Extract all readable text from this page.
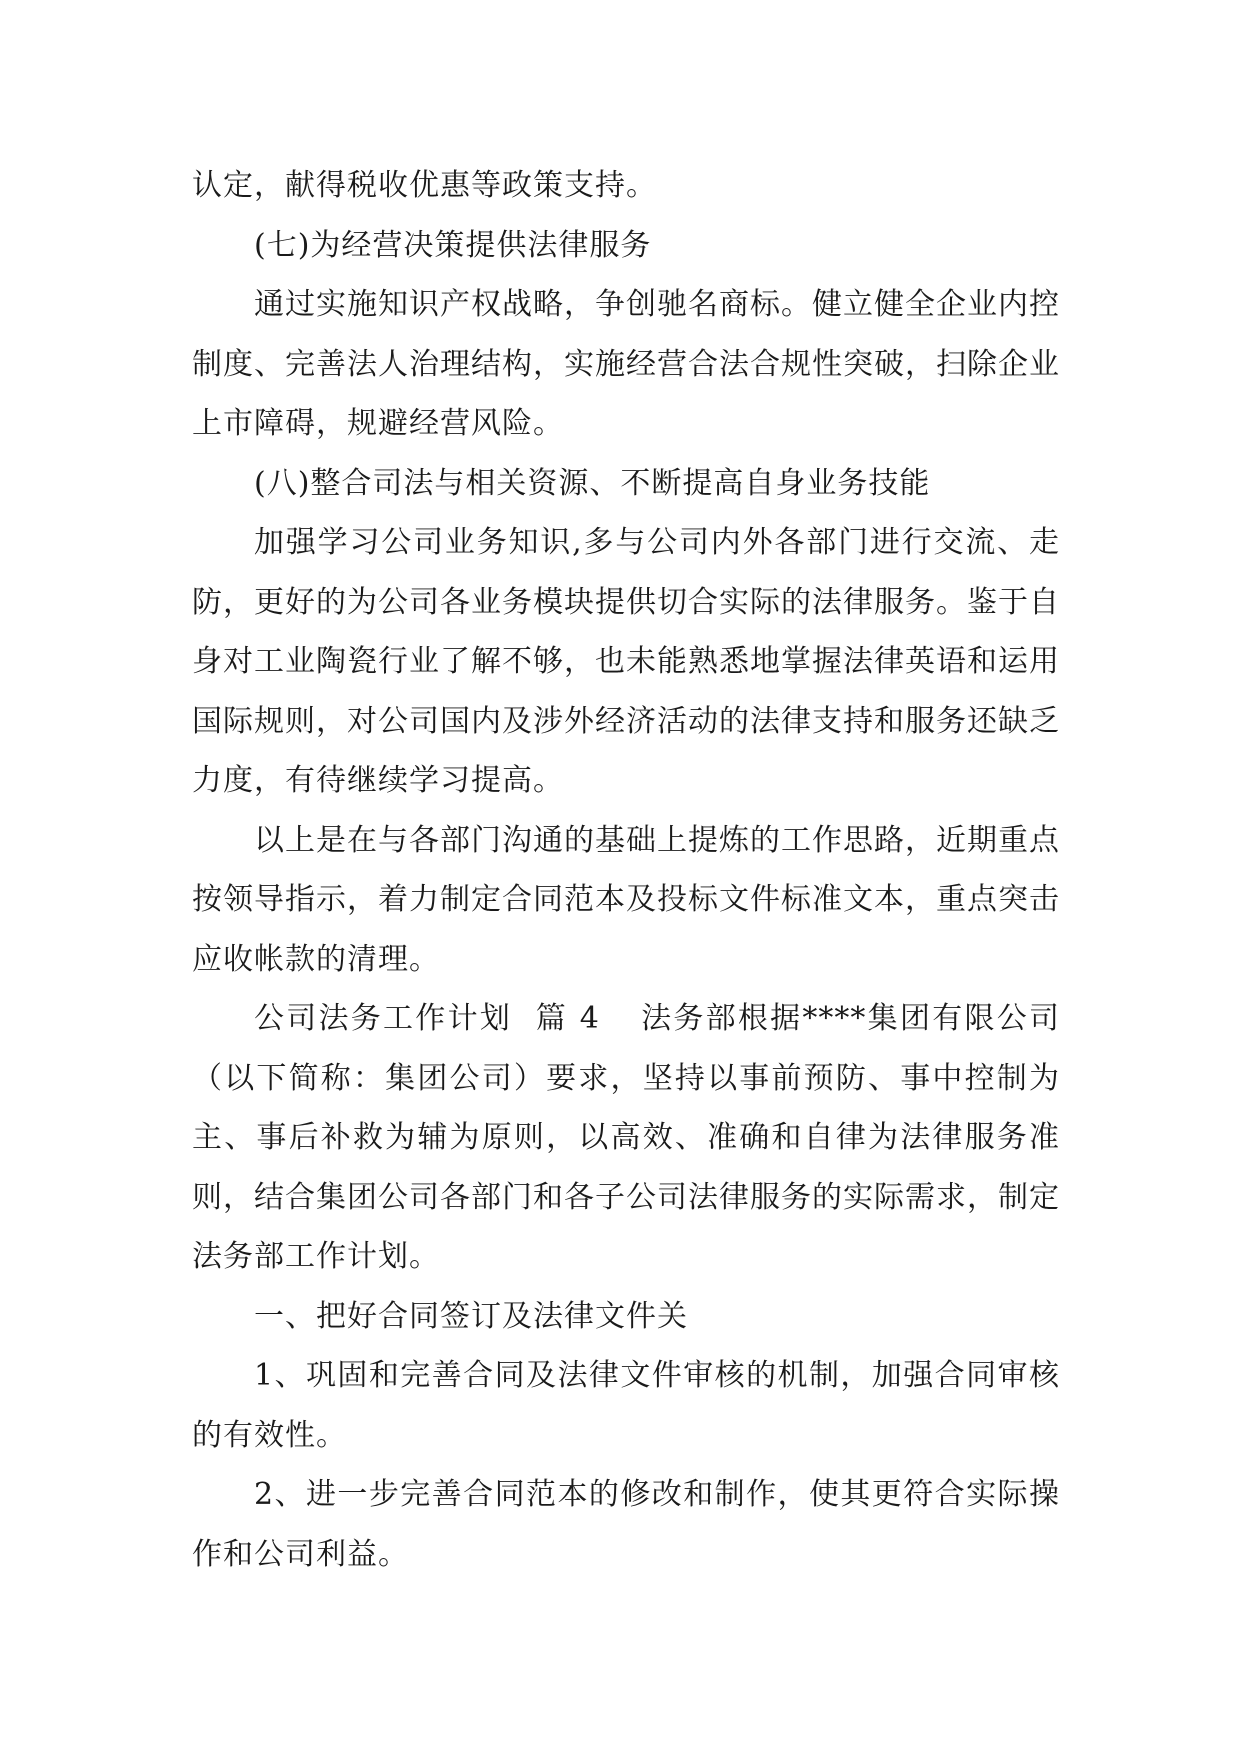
认定，献得税收优惠等政策支持。

(七)为经营决策提供法律服务

通过实施知识产权战略，争创驰名商标。健立健全企业内控制度、完善法人治理结构，实施经营合法合规性突破，扫除企业上市障碍，规避经营风险。

(八)整合司法与相关资源、不断提高自身业务技能

加强学习公司业务知识,多与公司内外各部门进行交流、走防，更好的为公司各业务模块提供切合实际的法律服务。鉴于自身对工业陶瓷行业了解不够，也未能熟悉地掌握法律英语和运用国际规则，对公司国内及涉外经济活动的法律支持和服务还缺乏力度，有待继续学习提高。

以上是在与各部门沟通的基础上提炼的工作思路，近期重点按领导指示，着力制定合同范本及投标文件标准文本，重点突击应收帐款的清理。

公司法务工作计划  篇 4 法务部根据****集团有限公司（以下简称：集团公司）要求，坚持以事前预防、事中控制为主、事后补救为辅为原则，以高效、准确和自律为法律服务准则，结合集团公司各部门和各子公司法律服务的实际需求，制定法务部工作计划。

一、把好合同签订及法律文件关

1、巩固和完善合同及法律文件审核的机制，加强合同审核的有效性。

2、进一步完善合同范本的修改和制作，使其更符合实际操作和公司利益。
